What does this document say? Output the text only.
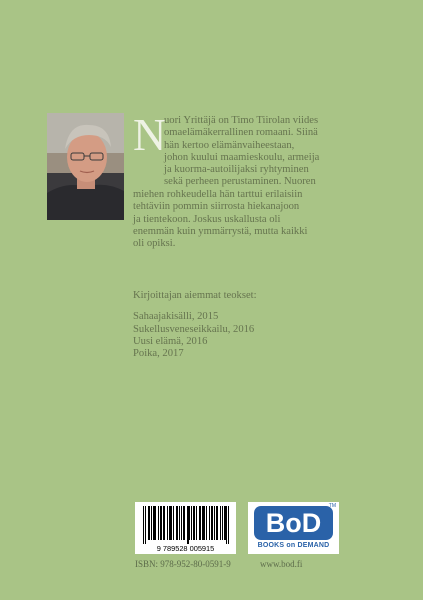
N
uori Yrittäjä on Timo Tiirolan viides
omaelämäkerrallinen romaani. Siinä
hän kertoo elämänvaiheestaan,
johon kuului maamieskoulu, armeija
ja kuorma-autoilijaksi ryhtyminen
sekä perheen perustaminen. Nuoren
miehen rohkeudella hän tarttui erilaisiin
tehtäviin pommin siirrosta hiekanajoon
ja tientekoon. Joskus uskallusta oli
enemmän kuin ymmärrystä, mutta kaikki
oli opiksi.
Kirjoittajan aiemmat teokset:
Sahaajakisälli, 2015
Sukellusveneseikkailu, 2016
Uusi elämä, 2016
Poika, 2017
9 789528 005915
BoD
TM
BOOKS on DEMAND
ISBN: 978-952-80-0591-9	www.bod.fi
